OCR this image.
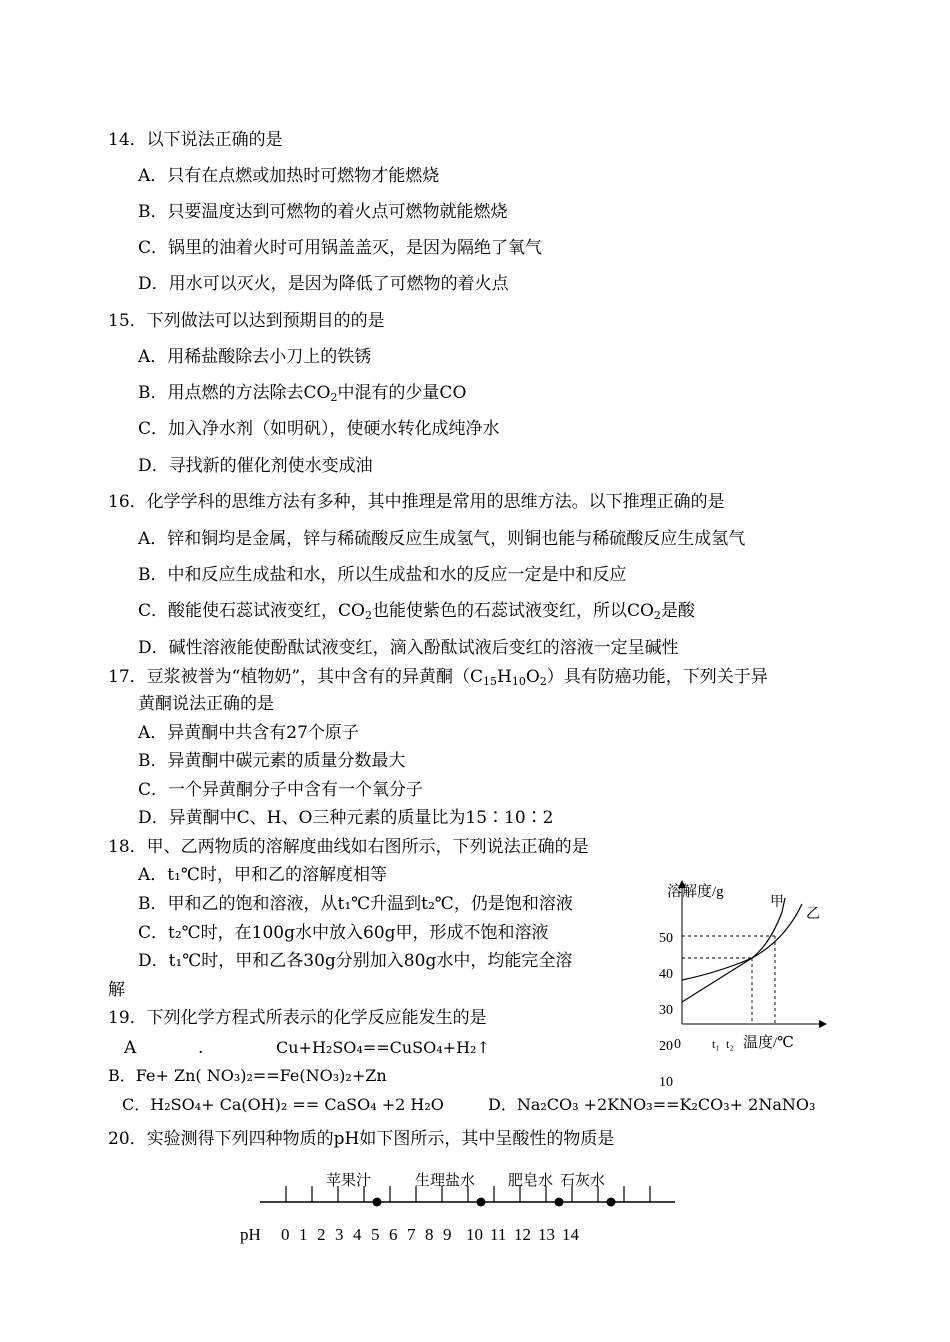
14．以下说法正确的是
A．只有在点燃或加热时可燃物才能燃烧
B．只要温度达到可燃物的着火点可燃物就能燃烧
C．锅里的油着火时可用锅盖盖灭，是因为隔绝了氧气
D．用水可以灭火，是因为降低了可燃物的着火点
15．下列做法可以达到预期目的的是
A．用稀盐酸除去小刀上的铁锈
B．用点燃的方法除去$CO_2$中混有的少量CO
C．加入净水剂（如明矾），使硬水转化成纯净水
D．寻找新的催化剂使水变成油
16．化学学科的思维方法有多种，其中推理是常用的思维方法。以下推理正确的是
A．锌和铜均是金属，锌与稀硫酸反应生成氢气，则铜也能与稀硫酸反应生成氢气
B．中和反应生成盐和水，所以生成盐和水的反应一定是中和反应
C．酸能使石蕊试液变红，$CO_2$也能使紫色的石蕊试液变红，所以$CO_2$是酸
D．碱性溶液能使酚酞试液变红，滴入酚酞试液后变红的溶液一定呈碱性
17．豆浆被誉为“植物奶”，其中含有的异黄酮$(C_{15}H_{10}O_2)$具有防癌功能，下列关于异
黄酮说法正确的是
A．异黄酮中共含有27个原子
B．异黄酮中碳元素的质量分数最大
C．一个异黄酮分子中含有一个氧分子
D．异黄酮中C、H、O三种元素的质量比为15∶10∶2
18．甲、乙两物质的溶解度曲线如右图所示，下列说法正确的是
A．t₁℃时，甲和乙的溶解度相等
B．甲和乙的饱和溶液，从t₁℃升温到t₂℃，仍是饱和溶液
C．t₂℃时，在100g水中放入60g甲，形成不饱和溶液
D．t₁℃时，甲和乙各30g分别加入80g水中，均能完全溶
解
19．下列化学方程式所表示的化学反应能发生的是
A	.	Cu+H₂SO₄==CuSO₄+H₂↑
B．Fe+ Zn( NO₃)₂==Fe(NO₃)₂+Zn
C．H₂SO₄+ Ca(OH)₂ == CaSO₄ +2 H₂O	D．Na₂CO₃ +2KNO₃==K₂CO₃+ 2NaNO₃
20．实验测得下列四种物质的pH如下图所示，其中呈酸性的物质是
溶解度/g
温度/℃
0
50
40
30
20
10
t₁ t₂
甲
乙
苹果汁	生理盐水 肥皂水 石灰水
pH 0 1 2 3 4 5 6 7 8 9 10 11 12 13 14
